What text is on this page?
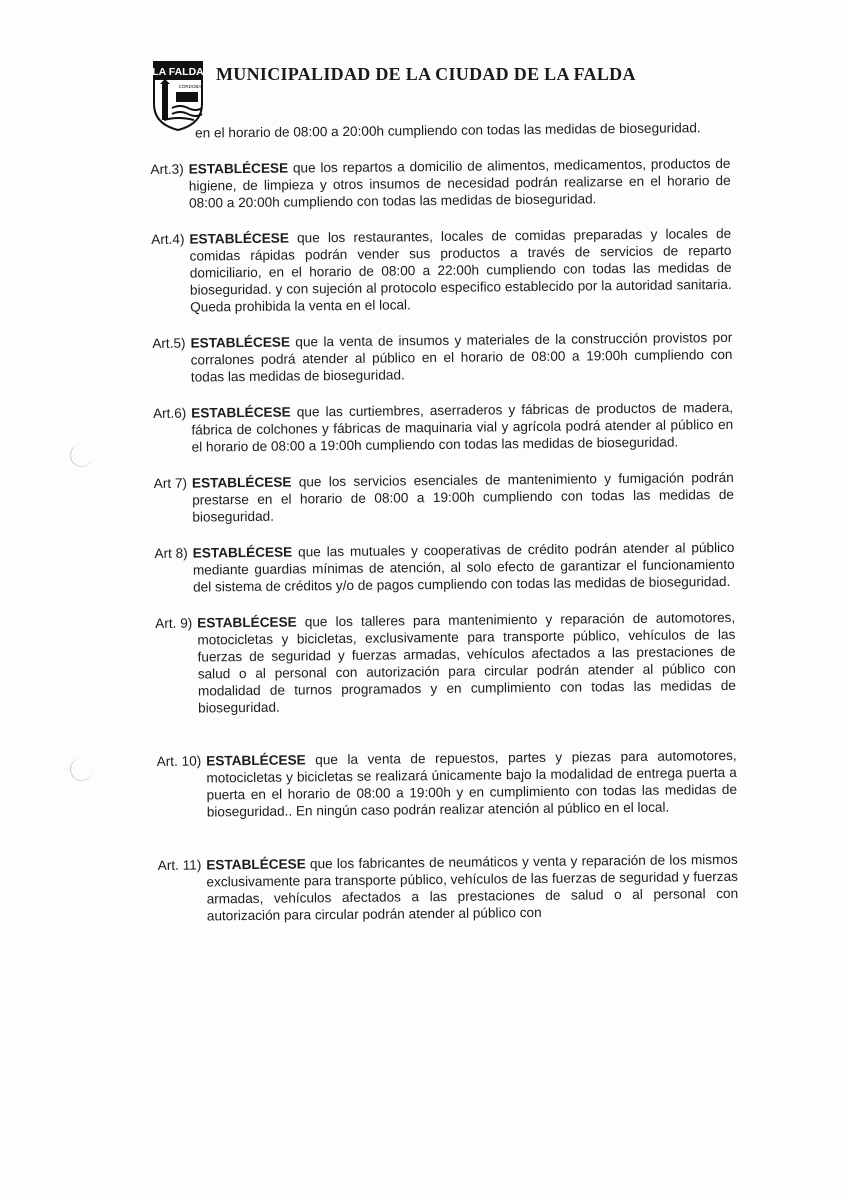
LA FALDA
CÓRDOBA
MUNICIPALIDAD DE LA CIUDAD DE LA FALDA
en el horario de 08:00 a 20:00h cumpliendo con todas las medidas de bioseguridad.
Art.3) ESTABLÉCESE que los repartos a domicilio de alimentos, medicamentos, productos de higiene, de limpieza y otros insumos de necesidad podrán realizarse en el horario de 08:00 a 20:00h cumpliendo con todas las medidas de bioseguridad.
Art.4) ESTABLÉCESE que los restaurantes, locales de comidas preparadas y locales de comidas rápidas podrán vender sus productos a través de servicios de reparto domiciliario, en el horario de 08:00 a 22:00h cumpliendo con todas las medidas de bioseguridad. y con sujeción al protocolo especifico establecido por la autoridad sanitaria. Queda prohibida la venta en el local.
Art.5) ESTABLÉCESE que la venta de insumos y materiales de la construcción provistos por corralones podrá atender al público en el horario de 08:00 a 19:00h cumpliendo con todas las medidas de bioseguridad.
Art.6) ESTABLÉCESE que las curtiembres, aserraderos y fábricas de productos de madera, fábrica de colchones y fábricas de maquinaria vial y agrícola podrá atender al público en el horario de 08:00 a 19:00h cumpliendo con todas las medidas de bioseguridad.
Art 7) ESTABLÉCESE que los servicios esenciales de mantenimiento y fumigación podrán prestarse en el horario de 08:00 a 19:00h cumpliendo con todas las medidas de bioseguridad.
Art 8) ESTABLÉCESE que las mutuales y cooperativas de crédito podrán atender al público mediante guardias mínimas de atención, al solo efecto de garantizar el funcionamiento del sistema de créditos y/o de pagos cumpliendo con todas las medidas de bioseguridad.
Art. 9) ESTABLÉCESE que los talleres para mantenimiento y reparación de automotores, motocicletas y bicicletas, exclusivamente para transporte público, vehículos de las fuerzas de seguridad y fuerzas armadas, vehículos afectados a las prestaciones de salud o al personal con autorización para circular podrán atender al público con modalidad de turnos programados y en cumplimiento con todas las medidas de bioseguridad.
Art. 10) ESTABLÉCESE que la venta de repuestos, partes y piezas para automotores, motocicletas y bicicletas se realizará únicamente bajo la modalidad de entrega puerta a puerta en el horario de 08:00 a 19:00h y en cumplimiento con todas las medidas de bioseguridad.. En ningún caso podrán realizar atención al público en el local.
Art. 11) ESTABLÉCESE que los fabricantes de neumáticos y venta y reparación de los mismos exclusivamente para transporte público, vehículos de las fuerzas de seguridad y fuerzas armadas, vehículos afectados a las prestaciones de salud o al personal con autorización para circular podrán atender al público con
